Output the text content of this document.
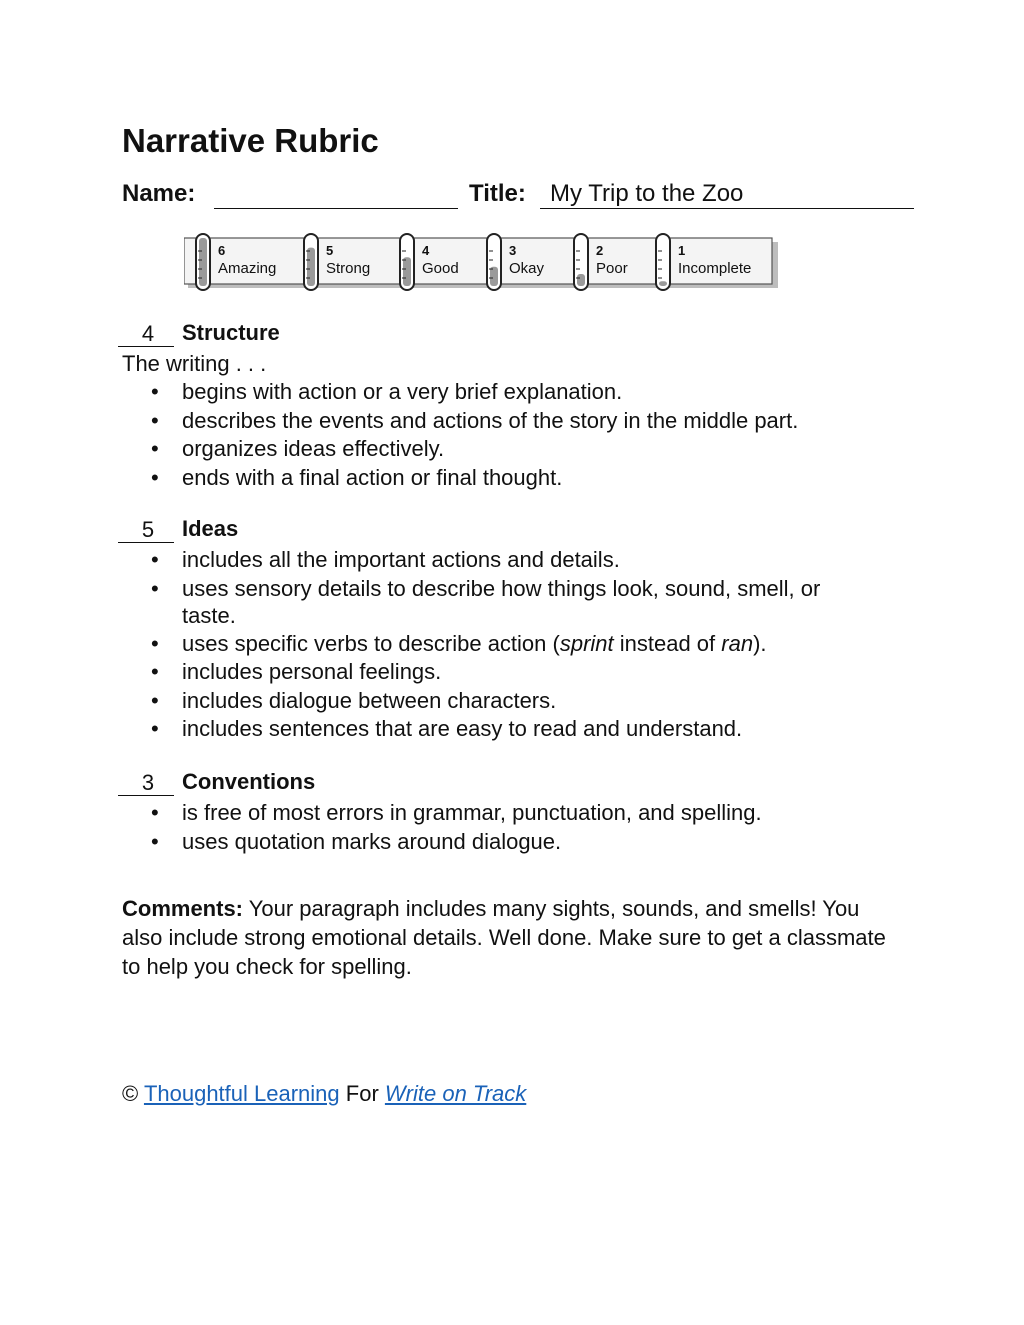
Narrative Rubric
Name:	Title: My Trip to the Zoo
6
Amazing
5
Strong
4
Good
3
Okay
2
Poor
1
Incomplete
4	Structure

The writing . . .

• begins with action or a very brief explanation.
• describes the events and actions of the story in the middle part.
• organizes ideas effectively.
• ends with a final action or final thought.
5	Ideas
• includes all the important actions and details.
• uses sensory details to describe how things look, sound, smell, or taste.
• uses specific verbs to describe action (sprint instead of ran).
• includes personal feelings.
• includes dialogue between characters.
• includes sentences that are easy to read and understand.
3	Conventions
• is free of most errors in grammar, punctuation, and spelling.
• uses quotation marks around dialogue.

Comments: Your paragraph includes many sights, sounds, and smells! You also include strong emotional details. Well done. Make sure to get a classmate to help you check for spelling.

© Thoughtful Learning For Write on Track
